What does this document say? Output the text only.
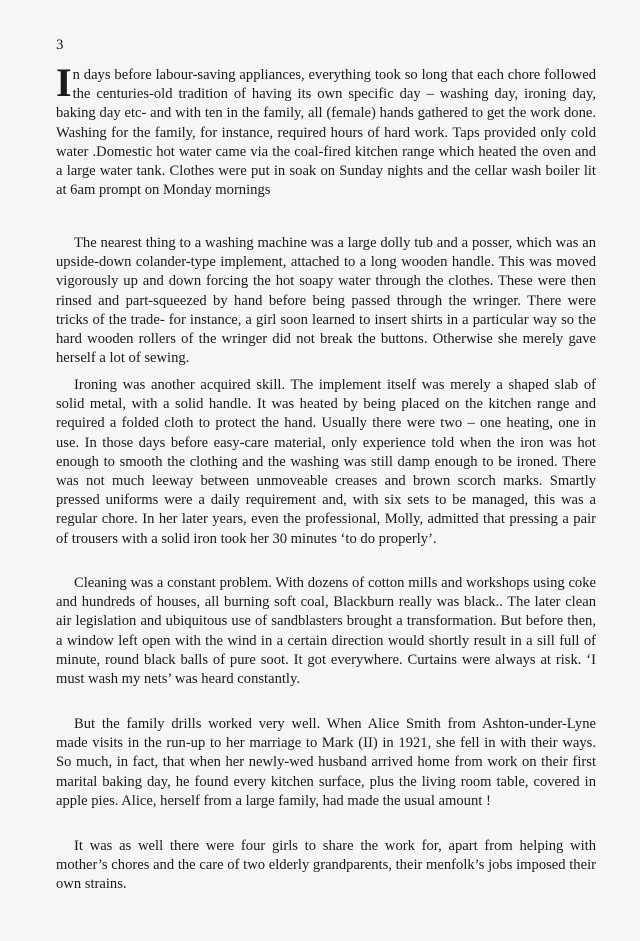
3

In days before labour-saving appliances, everything took so long that each chore followed the centuries-old tradition of having its own specific day – washing day, ironing day, baking day etc- and with ten in the family, all (female) hands gathered to get the work done. Washing for the family, for instance, required hours of hard work. Taps provided only cold water .Domestic hot water came via the coal-fired kitchen range which heated the oven and a large water tank. Clothes were put in soak on Sunday nights and the cellar wash boiler lit at 6am prompt on Monday mornings

The nearest thing to a washing machine was a large dolly tub and a posser, which was an upside-down colander-type implement, attached to a long wooden handle. This was moved vigorously up and down forcing the hot soapy water through the clothes. These were then rinsed and part-squeezed by hand before being passed through the wringer. There were tricks of the trade- for instance, a girl soon learned to insert shirts in a particular way so the hard wooden rollers of the wringer did not break the buttons. Otherwise she merely gave herself a lot of sewing.

Ironing was another acquired skill. The implement itself was merely a shaped slab of solid metal, with a solid handle. It was heated by being placed on the kitchen range and required a folded cloth to protect the hand. Usually there were two – one heating, one in use. In those days before easy-care material, only experience told when the iron was hot enough to smooth the clothing and the washing was still damp enough to be ironed. There was not much leeway between unmoveable creases and brown scorch marks. Smartly pressed uniforms were a daily requirement and, with six sets to be managed, this was a regular chore. In her later years, even the professional, Molly, admitted that pressing a pair of trousers with a solid iron took her 30 minutes ‘to do properly’.

Cleaning was a constant problem. With dozens of cotton mills and workshops using coke and hundreds of houses, all burning soft coal, Blackburn really was black.. The later clean air legislation and ubiquitous use of sandblasters brought a transformation. But before then, a window left open with the wind in a certain direction would shortly result in a sill full of minute, round black balls of pure soot. It got everywhere. Curtains were always at risk. ‘I must wash my nets’ was heard constantly.

But the family drills worked very well. When Alice Smith from Ashton-under-Lyne made visits in the run-up to her marriage to Mark (II) in 1921, she fell in with their ways. So much, in fact, that when her newly-wed husband arrived home from work on their first marital baking day, he found every kitchen surface, plus the living room table, covered in apple pies. Alice, herself from a large family, had made the usual amount !

It was as well there were four girls to share the work for, apart from helping with mother’s chores and the care of two elderly grandparents, their menfolk’s jobs imposed their own strains.
